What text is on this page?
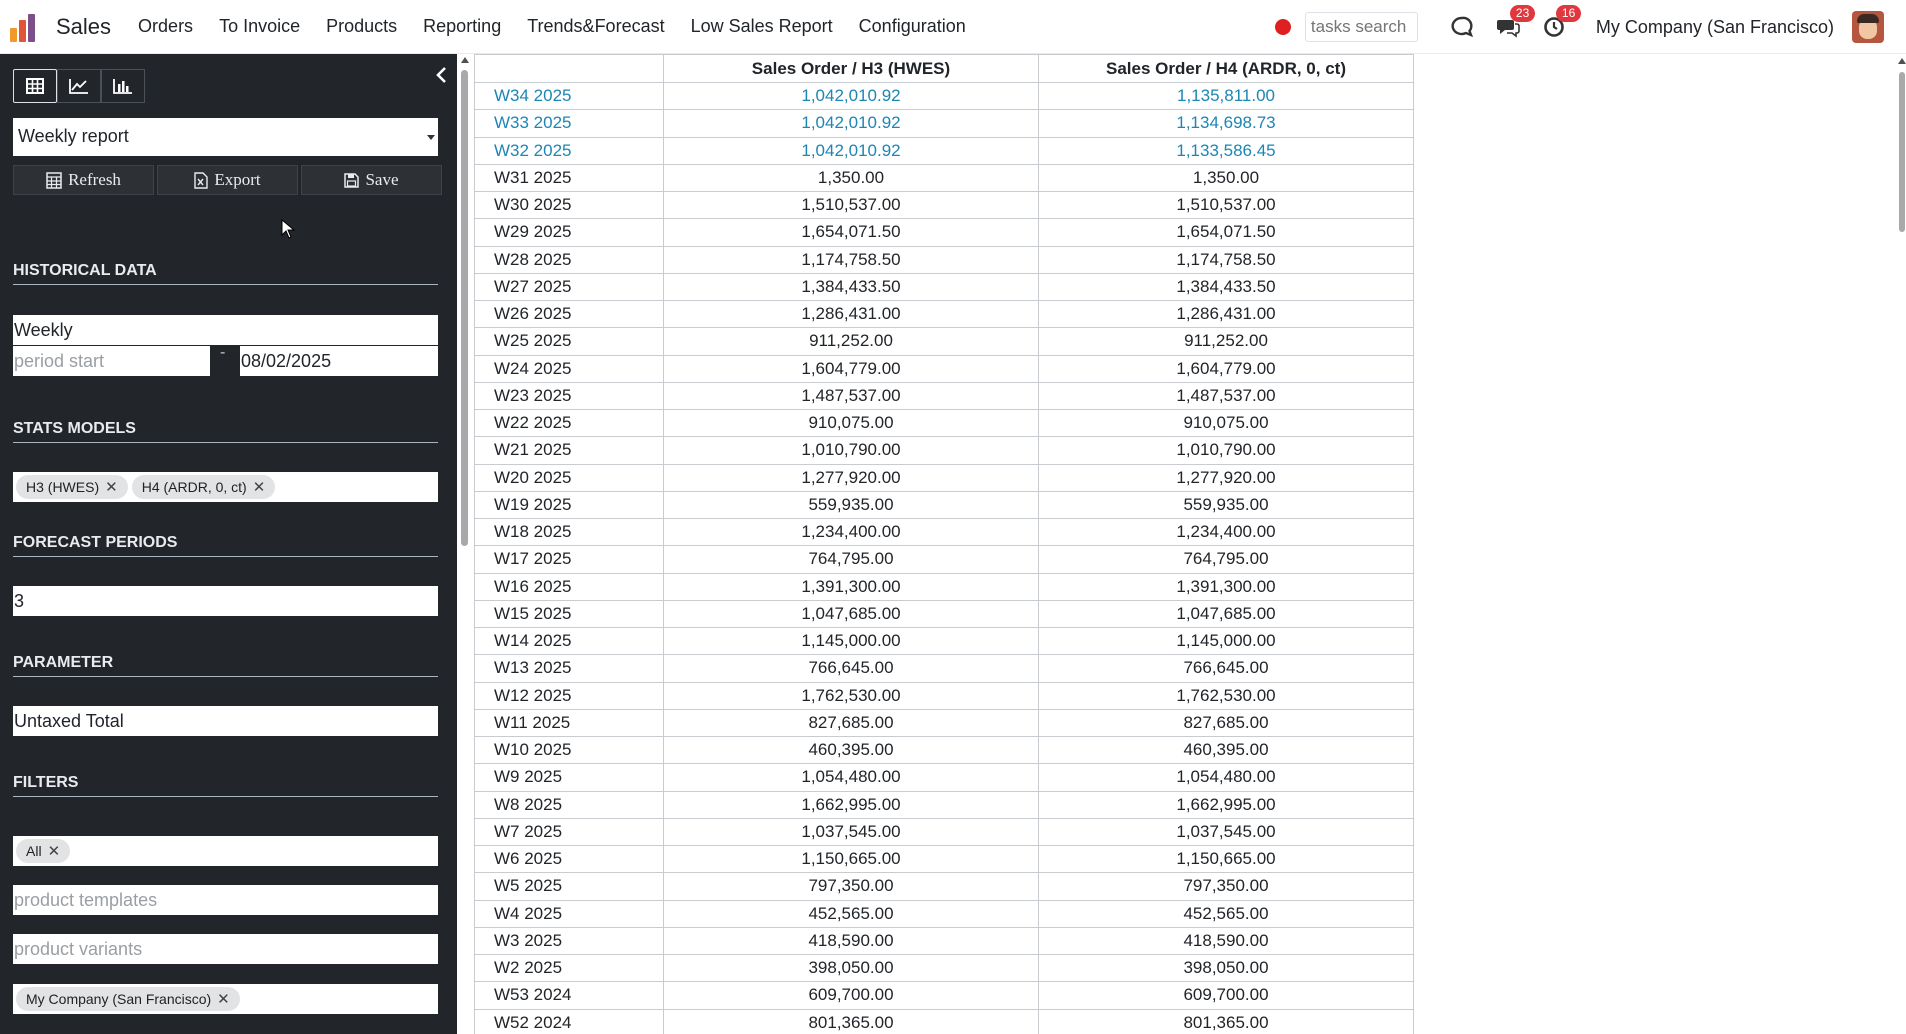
Sales	Orders	To Invoice	Products	Reporting	Trends&Forecast	Low Sales Report	Configuration
tasks search
23	16
My Company (San Francisco)
Weekly report
Refresh	Export	Save
HISTORICAL DATA
Weekly
period start	- 08/02/2025
STATS MODELS
H3 (HWES) ✕ H4 (ARDR, 0, ct) ✕
FORECAST PERIODS
3
PARAMETER
Untaxed Total
FILTERS
All ✕
product templates
product variants
My Company (San Francisco) ✕
	Sales Order / H3 (HWES)	Sales Order / H4 (ARDR, 0, ct)
W34 2025	1,042,010.92	1,135,811.00
W33 2025	1,042,010.92	1,134,698.73
W32 2025	1,042,010.92	1,133,586.45
W31 2025	1,350.00	1,350.00
W30 2025	1,510,537.00	1,510,537.00
W29 2025	1,654,071.50	1,654,071.50
W28 2025	1,174,758.50	1,174,758.50
W27 2025	1,384,433.50	1,384,433.50
W26 2025	1,286,431.00	1,286,431.00
W25 2025	911,252.00	911,252.00
W24 2025	1,604,779.00	1,604,779.00
W23 2025	1,487,537.00	1,487,537.00
W22 2025	910,075.00	910,075.00
W21 2025	1,010,790.00	1,010,790.00
W20 2025	1,277,920.00	1,277,920.00
W19 2025	559,935.00	559,935.00
W18 2025	1,234,400.00	1,234,400.00
W17 2025	764,795.00	764,795.00
W16 2025	1,391,300.00	1,391,300.00
W15 2025	1,047,685.00	1,047,685.00
W14 2025	1,145,000.00	1,145,000.00
W13 2025	766,645.00	766,645.00
W12 2025	1,762,530.00	1,762,530.00
W11 2025	827,685.00	827,685.00
W10 2025	460,395.00	460,395.00
W9 2025	1,054,480.00	1,054,480.00
W8 2025	1,662,995.00	1,662,995.00
W7 2025	1,037,545.00	1,037,545.00
W6 2025	1,150,665.00	1,150,665.00
W5 2025	797,350.00	797,350.00
W4 2025	452,565.00	452,565.00
W3 2025	418,590.00	418,590.00
W2 2025	398,050.00	398,050.00
W53 2024	609,700.00	609,700.00
W52 2024	801,365.00	801,365.00
